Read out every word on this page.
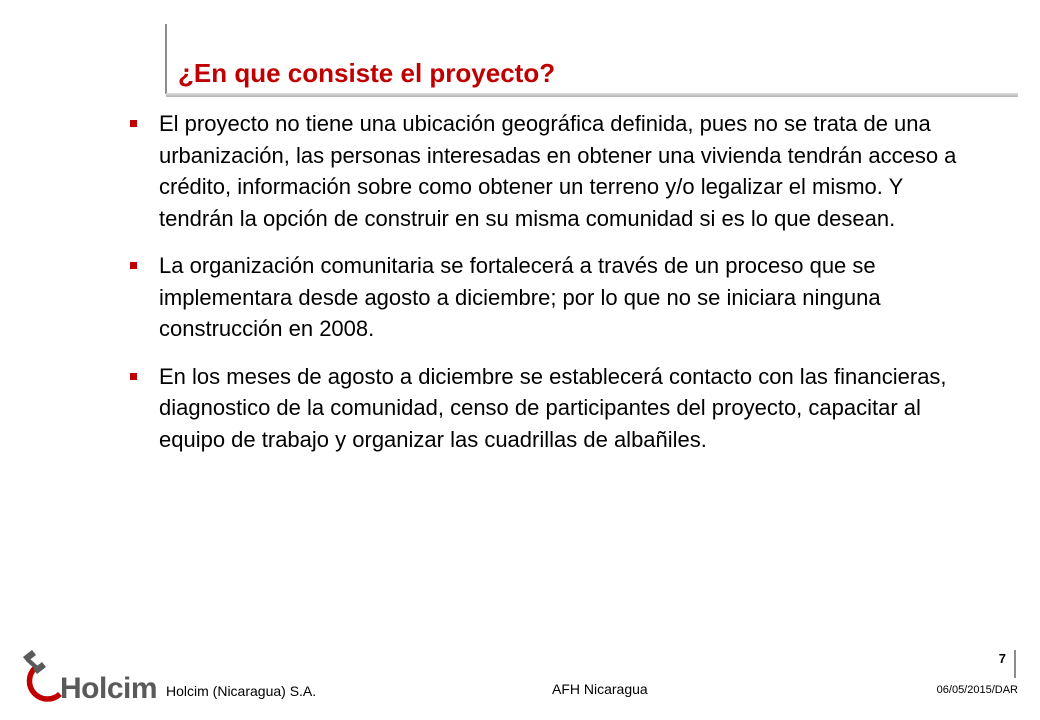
¿En que consiste el proyecto?
El proyecto no tiene una ubicación geográfica definida, pues no se trata de una urbanización, las personas interesadas en obtener una vivienda tendrán acceso a crédito, información sobre como obtener un terreno y/o legalizar el mismo. Y tendrán la opción de construir en su misma comunidad si es lo que desean.
La organización comunitaria se fortalecerá a través de un proceso que se implementara desde agosto a diciembre; por lo que no se iniciara ninguna construcción en 2008.
En los meses de agosto a diciembre se establecerá contacto con las financieras, diagnostico de la comunidad, censo de participantes del proyecto, capacitar al equipo de trabajo y organizar las cuadrillas de albañiles.
Holcim Holcim (Nicaragua) S.A.	AFH Nicaragua
7
06/05/2015/DAR
